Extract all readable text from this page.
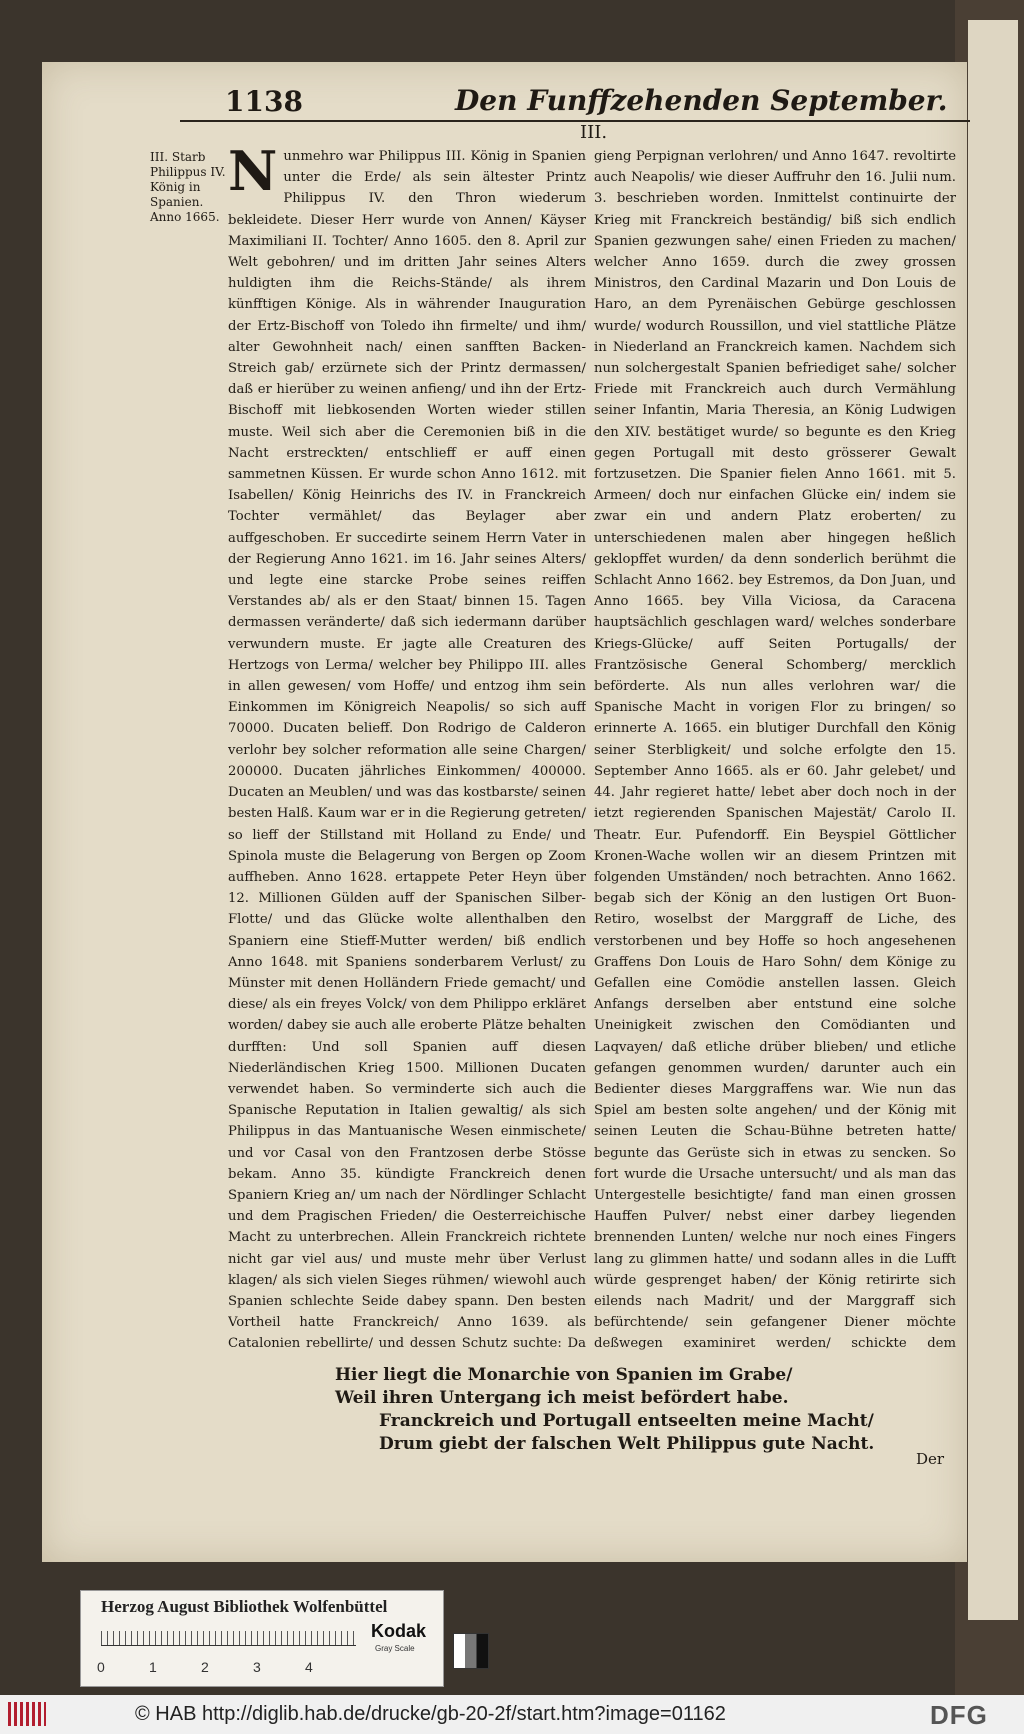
1138	Den Funffzehenden September.
III.
III. Starb Philippus IV. König in Spanien. Anno 1665.
Nunmehro war Philippus III. König in Spanien unter die Erde/ als sein ältester Printz Philippus IV. den Thron wiederum bekleidete. Dieser Herr wurde von Annen/ Käyser Maximiliani II. Tochter/ Anno 1605. den 8. April zur Welt gebohren/ und im dritten Jahr seines Alters huldigten ihm die Reichs-Stände/ als ihrem künfftigen Könige. Als in währender Inauguration der Ertz-Bischoff von Toledo ihn firmelte/ und ihm/ alter Gewohnheit nach/ einen sanfften Backen-Streich gab/ erzürnete sich der Printz dermassen/ daß er hierüber zu weinen anfieng/ und ihn der Ertz-Bischoff mit liebkosenden Worten wieder stillen muste. Weil sich aber die Ceremonien biß in die Nacht erstreckten/ entschlieff er auff einen sammetnen Küssen. Er wurde schon Anno 1612. mit Isabellen/ König Heinrichs des IV. in Franckreich Tochter vermählet/ das Beylager aber auffgeschoben. Er succedirte seinem Herrn Vater in der Regierung Anno 1621. im 16. Jahr seines Alters/ und legte eine starcke Probe seines reiffen Verstandes ab/ als er den Staat/ binnen 15. Tagen dermassen veränderte/ daß sich iedermann darüber verwundern muste. Er jagte alle Creaturen des Hertzogs von Lerma/ welcher bey Philippo III. alles in allen gewesen/ vom Hoffe/ und entzog ihm sein Einkommen im Königreich Neapolis/ so sich auff 70000. Ducaten belieff. Don Rodrigo de Calderon verlohr bey solcher reformation alle seine Chargen/ 200000. Ducaten jährliches Einkommen/ 400000. Ducaten an Meublen/ und was das kostbarste/ seinen besten Halß. Kaum war er in die Regierung getreten/ so lieff der Stillstand mit Holland zu Ende/ und Spinola muste die Belagerung von Bergen op Zoom auffheben. Anno 1628. ertappete Peter Heyn über 12. Millionen Gülden auff der Spanischen Silber-Flotte/ und das Glücke wolte allenthalben den Spaniern eine Stieff-Mutter werden/ biß endlich Anno 1648. mit Spaniens sonderbarem Verlust/ zu Münster mit denen Holländern Friede gemacht/ und diese/ als ein freyes Volck/ von dem Philippo erkläret worden/ dabey sie auch alle eroberte Plätze behalten durfften: Und soll Spanien auff diesen Niederländischen Krieg 1500. Millionen Ducaten verwendet haben. So verminderte sich auch die Spanische Reputation in Italien gewaltig/ als sich Philippus in das Mantuanische Wesen einmischete/ und vor Casal von den Frantzosen derbe Stösse bekam. Anno 35. kündigte Franckreich denen Spaniern Krieg an/ um nach der Nördlinger Schlacht und dem Pragischen Frieden/ die Oesterreichische Macht zu unterbrechen. Allein Franckreich richtete nicht gar viel aus/ und muste mehr über Verlust klagen/ als sich vielen Sieges rühmen/ wiewohl auch Spanien schlechte Seide dabey spann. Den besten Vortheil hatte Franckreich/ Anno 1639. als Catalonien rebellirte/ und dessen Schutz suchte: Da
gieng Perpignan verlohren/ und Anno 1647. revoltirte auch Neapolis/ wie dieser Auffruhr den 16. Julii num. 3. beschrieben worden. Inmittelst continuirte der Krieg mit Franckreich beständig/ biß sich endlich Spanien gezwungen sahe/ einen Frieden zu machen/ welcher Anno 1659. durch die zwey grossen Ministros, den Cardinal Mazarin und Don Louis de Haro, an dem Pyrenäischen Gebürge geschlossen wurde/ wodurch Roussillon, und viel stattliche Plätze in Niederland an Franckreich kamen. Nachdem sich nun solchergestalt Spanien befriediget sahe/ solcher Friede mit Franckreich auch durch Vermählung seiner Infantin, Maria Theresia, an König Ludwigen den XIV. bestätiget wurde/ so begunte es den Krieg gegen Portugall mit desto grösserer Gewalt fortzusetzen. Die Spanier fielen Anno 1661. mit 5. Armeen/ doch nur einfachen Glücke ein/ indem sie zwar ein und andern Platz eroberten/ zu unterschiedenen malen aber hingegen heßlich geklopffet wurden/ da denn sonderlich berühmt die Schlacht Anno 1662. bey Estremos, da Don Juan, und Anno 1665. bey Villa Viciosa, da Caracena hauptsächlich geschlagen ward/ welches sonderbare Kriegs-Glücke/ auff Seiten Portugalls/ der Frantzösische General Schomberg/ mercklich beförderte. Als nun alles verlohren war/ die Spanische Macht in vorigen Flor zu bringen/ so erinnerte A. 1665. ein blutiger Durchfall den König seiner Sterbligkeit/ und solche erfolgte den 15. September Anno 1665. als er 60. Jahr gelebet/ und 44. Jahr regieret hatte/ lebet aber doch noch in der ietzt regierenden Spanischen Majestät/ Carolo II. Theatr. Eur. Pufendorff. Ein Beyspiel Göttlicher Kronen-Wache wollen wir an diesem Printzen mit folgenden Umständen/ noch betrachten. Anno 1662. begab sich der König an den lustigen Ort Buon-Retiro, woselbst der Marggraff de Liche, des verstorbenen und bey Hoffe so hoch angesehenen Graffens Don Louis de Haro Sohn/ dem Könige zu Gefallen eine Comödie anstellen lassen. Gleich Anfangs derselben aber entstund eine solche Uneinigkeit zwischen den Comödianten und Laqvayen/ daß etliche drüber blieben/ und etliche gefangen genommen wurden/ darunter auch ein Bedienter dieses Marggraffens war. Wie nun das Spiel am besten solte angehen/ und der König mit seinen Leuten die Schau-Bühne betreten hatte/ begunte das Gerüste sich in etwas zu sencken. So fort wurde die Ursache untersucht/ und als man das Untergestelle besichtigte/ fand man einen grossen Hauffen Pulver/ nebst einer darbey liegenden brennenden Lunten/ welche nur noch eines Fingers lang zu glimmen hatte/ und sodann alles in die Lufft würde gesprenget haben/ der König retirirte sich eilends nach Madrit/ und der Marggraff sich befürchtende/ sein gefangener Diener möchte deßwegen examiniret werden/ schickte dem
Hier liegt die Monarchie von Spanien im Grabe/
Weil ihren Untergang ich meist befördert habe.
Franckreich und Portugall entseelten meine Macht/
Drum giebt der falschen Welt Philippus gute Nacht.
Der
Herzog August Bibliothek Wolfenbüttel
0	1	2	3	4
Kodak
Gray Scale
© HAB http://diglib.hab.de/drucke/gb-20-2f/start.htm?image=01162	DFG
